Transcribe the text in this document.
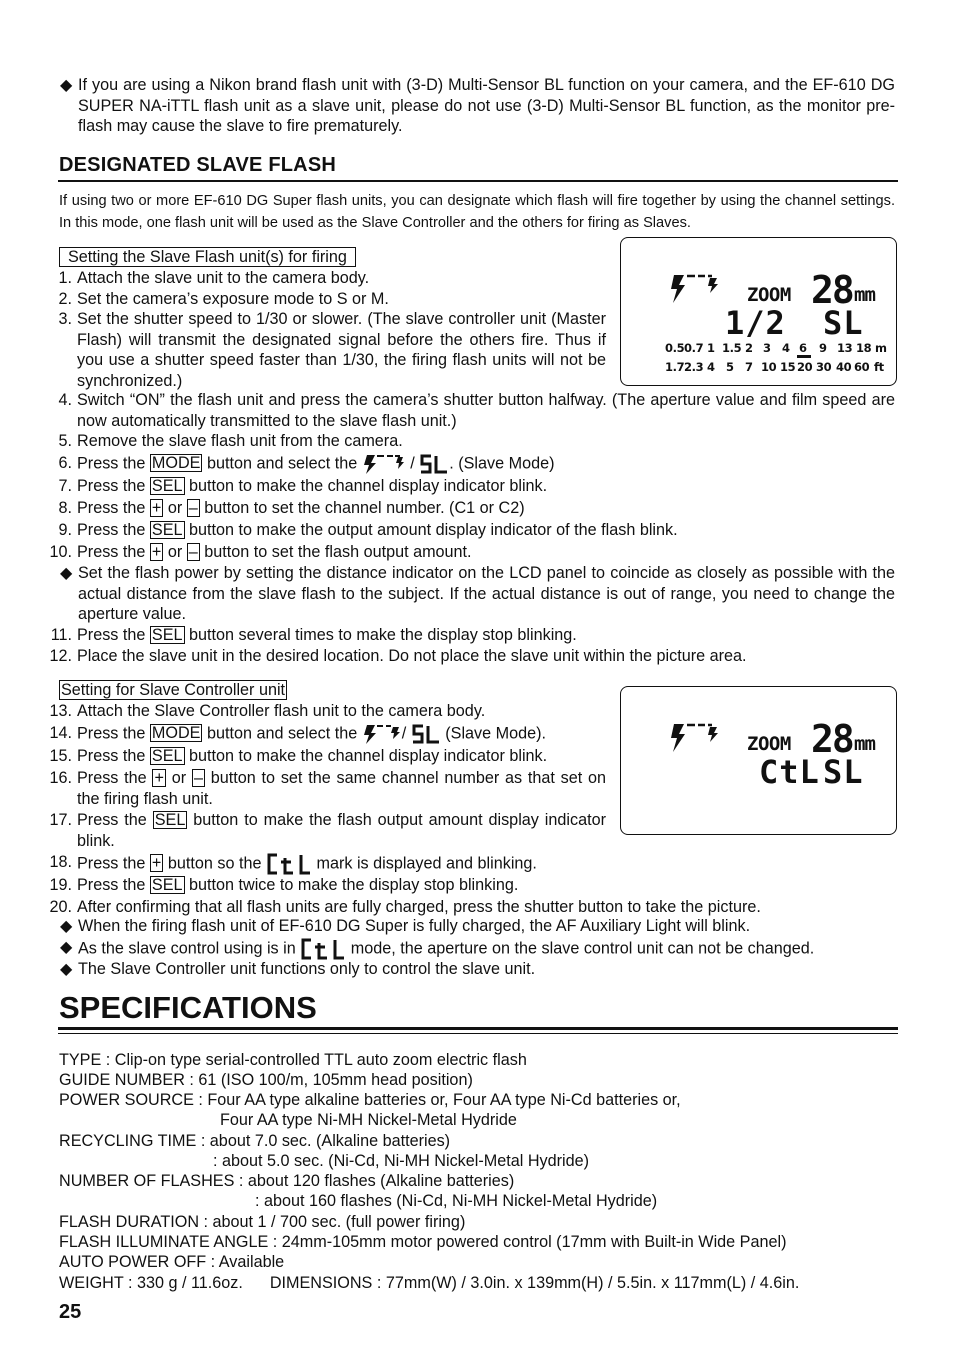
◆ If you are using a Nikon brand flash unit with (3-D) Multi-Sensor BL function on your camera, and the EF-610 DG SUPER NA-iTTL flash unit as a slave unit, please do not use (3-D) Multi-Sensor BL function, as the monitor pre-flash may cause the slave to fire prematurely.
DESIGNATED SLAVE FLASH
If using two or more EF-610 DG Super flash units, you can designate which flash will fire together by using the channel settings. In this mode, one flash unit will be used as the Slave Controller and the others for firing as Slaves.
Setting the Slave Flash unit(s) for firing
1. Attach the slave unit to the camera body.
2. Set the camera’s exposure mode to S or M.
3. Set the shutter speed to 1/30 or slower. (The slave controller unit (Master Flash) will transmit the designated signal before the others fire. Thus if you use a shutter speed faster than 1/30, the firing flash units will not be synchronized.)
4. Switch “ON” the flash unit and press the camera’s shutter button halfway. (The aperture value and film speed are now automatically transmitted to the slave flash unit.)
5. Remove the slave flash unit from the camera.
6. Press the MODE button and select the	/ . (Slave Mode)
7. Press the SEL button to make the channel display indicator blink.
8. Press the + or – button to set the channel number. (C1 or C2)
9. Press the SEL button to make the output amount display indicator of the flash blink.
10. Press the + or – button to set the flash output amount.
◆ Set the flash power by setting the distance indicator on the LCD panel to coincide as closely as possible with the actual distance from the slave flash to the subject. If the actual distance is out of range, you need to change the aperture value.
11. Press the SEL button several times to make the display stop blinking.
12. Place the slave unit in the desired location. Do not place the slave unit within the picture area.
ZOOM 28 mm
1/2 SL
0.5 0.7 1 1.5 2 3 4 6 9 13 18 m
1.7 2.3 4 5 7 10 15 20 30 40 60 ft
Setting for Slave Controller unit
13. Attach the Slave Controller flash unit to the camera body.
14. Press the MODE button and select the	/ (Slave Mode).
15. Press the SEL button to make the channel display indicator blink.
16. Press the + or – button to set the same channel number as that set on the firing flash unit.
17. Press the SEL button to make the flash output amount display indicator blink.
18. Press the + button so the	mark is displayed and blinking.
19. Press the SEL button twice to make the display stop blinking.
20. After confirming that all flash units are fully charged, press the shutter button to take the picture.
◆ When the firing flash unit of EF-610 DG Super is fully charged, the AF Auxiliary Light will blink.
◆ As the slave control using is in	mode, the aperture on the slave control unit can not be changed.
◆ The Slave Controller unit functions only to control the slave unit.
ZOOM 28 mm
CtL SL
SPECIFICATIONS
TYPE : Clip-on type serial-controlled TTL auto zoom electric flash
GUIDE NUMBER : 61 (ISO 100/m, 105mm head position)
POWER SOURCE : Four AA type alkaline batteries or, Four AA type Ni-Cd batteries or,
Four AA type Ni-MH Nickel-Metal Hydride
RECYCLING TIME : about 7.0 sec. (Alkaline batteries)
: about 5.0 sec. (Ni-Cd, Ni-MH Nickel-Metal Hydride)
NUMBER OF FLASHES : about 120 flashes (Alkaline batteries)
: about 160 flashes (Ni-Cd, Ni-MH Nickel-Metal Hydride)
FLASH DURATION : about 1 / 700 sec. (full power firing)
FLASH ILLUMINATE ANGLE : 24mm-105mm motor powered control (17mm with Built-in Wide Panel)
AUTO POWER OFF : Available
WEIGHT : 330 g / 11.6oz.      DIMENSIONS : 77mm(W) / 3.0in. x 139mm(H) / 5.5in. x 117mm(L) / 4.6in.
25
